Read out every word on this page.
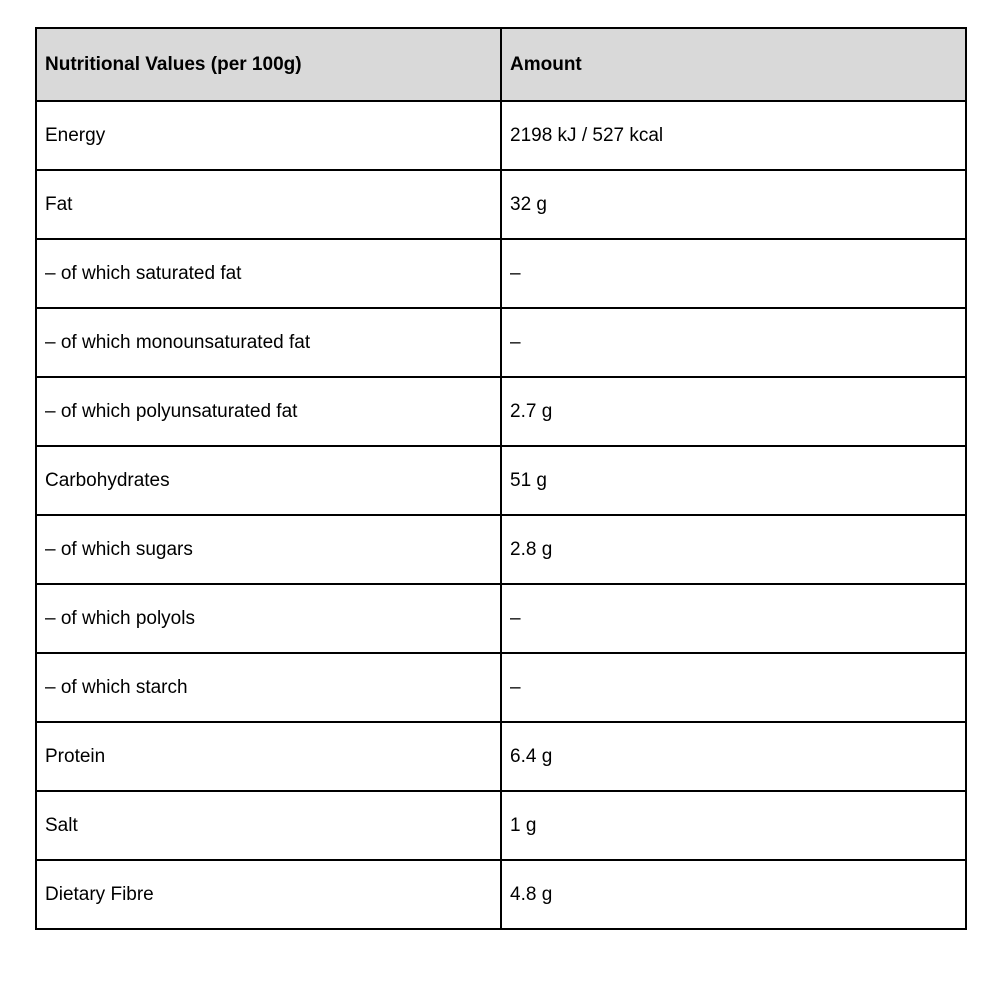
Nutritional Values (per 100g)	Amount
Energy	2198 kJ / 527 kcal
Fat	32 g
– of which saturated fat	–
– of which monounsaturated fat	–
– of which polyunsaturated fat	2.7 g
Carbohydrates	51 g
– of which sugars	2.8 g
– of which polyols	–
– of which starch	–
Protein	6.4 g
Salt	1 g
Dietary Fibre	4.8 g
